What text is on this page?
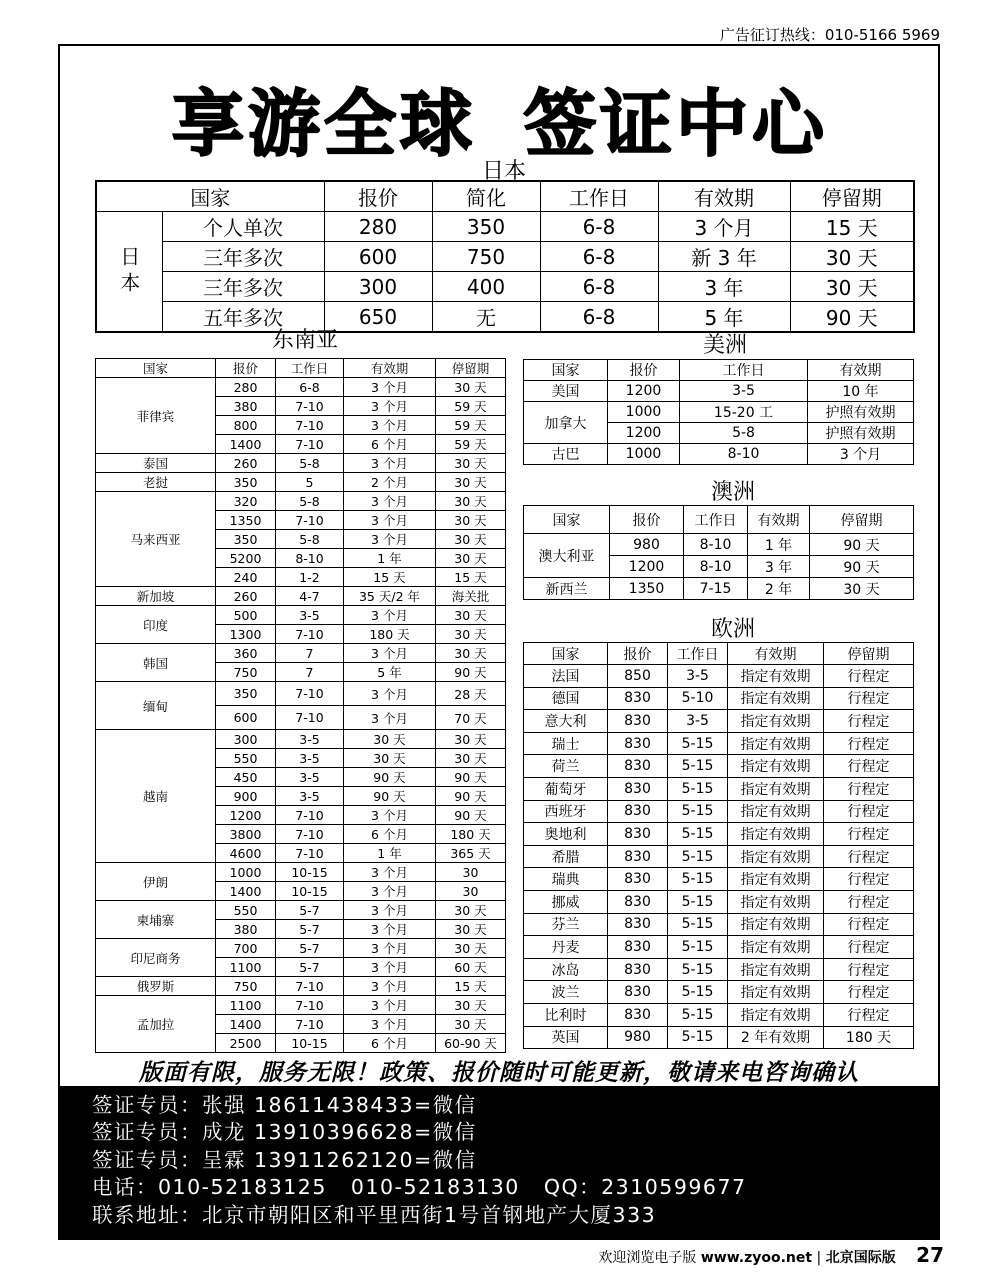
广告征订热线：010-5166 5969
享游全球 签证中心
日本
国家		报价	简化	工作日	有效期	停留期
日本	个人单次	280	350	6-8	3 个月	15 天
	三年多次	600	750	6-8	新 3 年	30 天
	三年多次	300	400	6-8	3 年	30 天
	五年多次	650	无	6-8	5 年	90 天
东南亚
国家	报价	工作日	有效期	停留期
菲律宾	280	6-8	3 个月	30 天
	380	7-10	3 个月	59 天
	800	7-10	3 个月	59 天
	1400	7-10	6 个月	59 天
泰国	260	5-8	3 个月	30 天
老挝	350	5	2 个月	30 天
马来西亚	320	5-8	3 个月	30 天
	1350	7-10	3 个月	30 天
	350	5-8	3 个月	30 天
	5200	8-10	1 年	30 天
	240	1-2	15 天	15 天
新加坡	260	4-7	35 天/2 年	海关批
印度	500	3-5	3 个月	30 天
	1300	7-10	180 天	30 天
韩国	360	7	3 个月	30 天
	750	7	5 年	90 天
缅甸	350	7-10	3 个月	28 天
	600	7-10	3 个月	70 天
越南	300	3-5	30 天	30 天
	550	3-5	30 天	30 天
	450	3-5	90 天	90 天
	900	3-5	90 天	90 天
	1200	7-10	3 个月	90 天
	3800	7-10	6 个月	180 天
	4600	7-10	1 年	365 天
伊朗	1000	10-15	3 个月	30
	1400	10-15	3 个月	30
柬埔寨	550	5-7	3 个月	30 天
	380	5-7	3 个月	30 天
印尼商务	700	5-7	3 个月	30 天
	1100	5-7	3 个月	60 天
俄罗斯	750	7-10	3 个月	15 天
孟加拉	1100	7-10	3 个月	30 天
	1400	7-10	3 个月	30 天
	2500	10-15	6 个月	60-90 天
美洲
国家	报价	工作日	有效期
美国	1200	3-5	10 年
加拿大	1000	15-20 工	护照有效期
	1200	5-8	护照有效期
古巴	1000	8-10	3 个月
澳洲
国家	报价	工作日	有效期	停留期
澳大利亚	980	8-10	1 年	90 天
	1200	8-10	3 年	90 天
新西兰	1350	7-15	2 年	30 天
欧洲
国家	报价	工作日	有效期	停留期
法国	850	3-5	指定有效期	行程定
德国	830	5-10	指定有效期	行程定
意大利	830	3-5	指定有效期	行程定
瑞士	830	5-15	指定有效期	行程定
荷兰	830	5-15	指定有效期	行程定
葡萄牙	830	5-15	指定有效期	行程定
西班牙	830	5-15	指定有效期	行程定
奥地利	830	5-15	指定有效期	行程定
希腊	830	5-15	指定有效期	行程定
瑞典	830	5-15	指定有效期	行程定
挪威	830	5-15	指定有效期	行程定
芬兰	830	5-15	指定有效期	行程定
丹麦	830	5-15	指定有效期	行程定
冰岛	830	5-15	指定有效期	行程定
波兰	830	5-15	指定有效期	行程定
比利时	830	5-15	指定有效期	行程定
英国	980	5-15	2 年有效期	180 天
版面有限，服务无限！政策、报价随时可能更新，敬请来电咨询确认
签证专员：张强 18611438433=微信
签证专员：成龙 13910396628=微信
签证专员：呈霖 13911262120=微信
电话：010-52183125   010-52183130   QQ：2310599677
联系地址：北京市朝阳区和平里西街1号首钢地产大厦333
欢迎浏览电子版 www.zyoo.net | 北京国际版 27
